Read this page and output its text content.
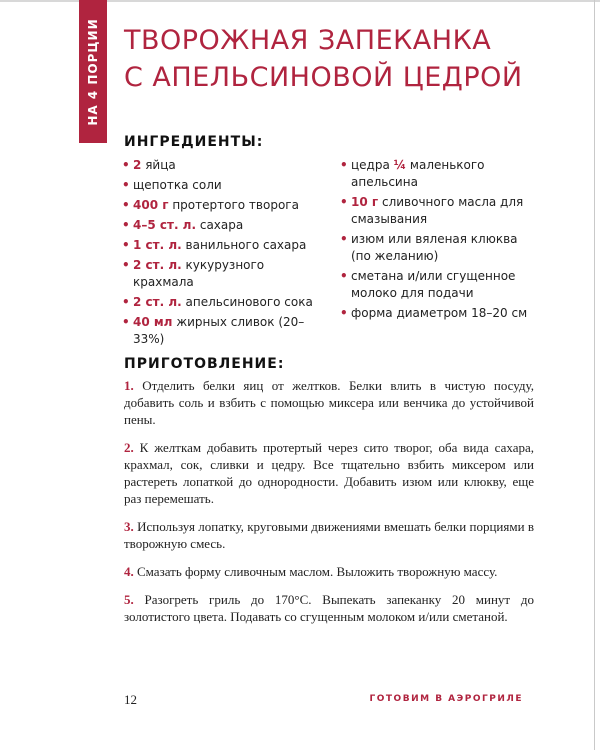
НА 4 ПОРЦИИ ТВОРОЖНАЯ ЗАПЕКАНКА
С АПЕЛЬСИНОВОЙ ЦЕДРОЙ
ИНГРЕДИЕНТЫ:
• 2 яйца
• щепотка соли
• 400 г протертого творога
• 4–5 ст. л. сахара
• 1 ст. л. ванильного сахара
• 2 ст. л. кукурузного крахмала
• 2 ст. л. апельсинового сока
• 40 мл жирных сливок (20–33%)
• цедра ¼ маленького апельсина
• 10 г сливочного масла для смазывания
• изюм или вяленая клюква (по желанию)
• сметана и/или сгущенное молоко для подачи
• форма диаметром 18–20 см
ПРИГОТОВЛЕНИЕ:

1. Отделить белки яиц от желтков. Белки влить в чистую посуду, добавить соль и взбить с помощью миксера или венчика до устойчивой пены.

2. К желткам добавить протертый через сито творог, оба вида сахара, крахмал, сок, сливки и цедру. Все тщательно взбить миксером или растереть лопаткой до однородности. Добавить изюм или клюкву, еще раз перемешать.

3. Используя лопатку, круговыми движениями вмешать белки порциями в творожную смесь.

4. Смазать форму сливочным маслом. Выложить творожную массу.

5. Разогреть гриль до 170°С. Выпекать запеканку 20 минут до золотистого цвета. Подавать со сгущенным молоком и/или сметаной.

12	ГОТОВИМ В АЭРОГРИЛЕ
